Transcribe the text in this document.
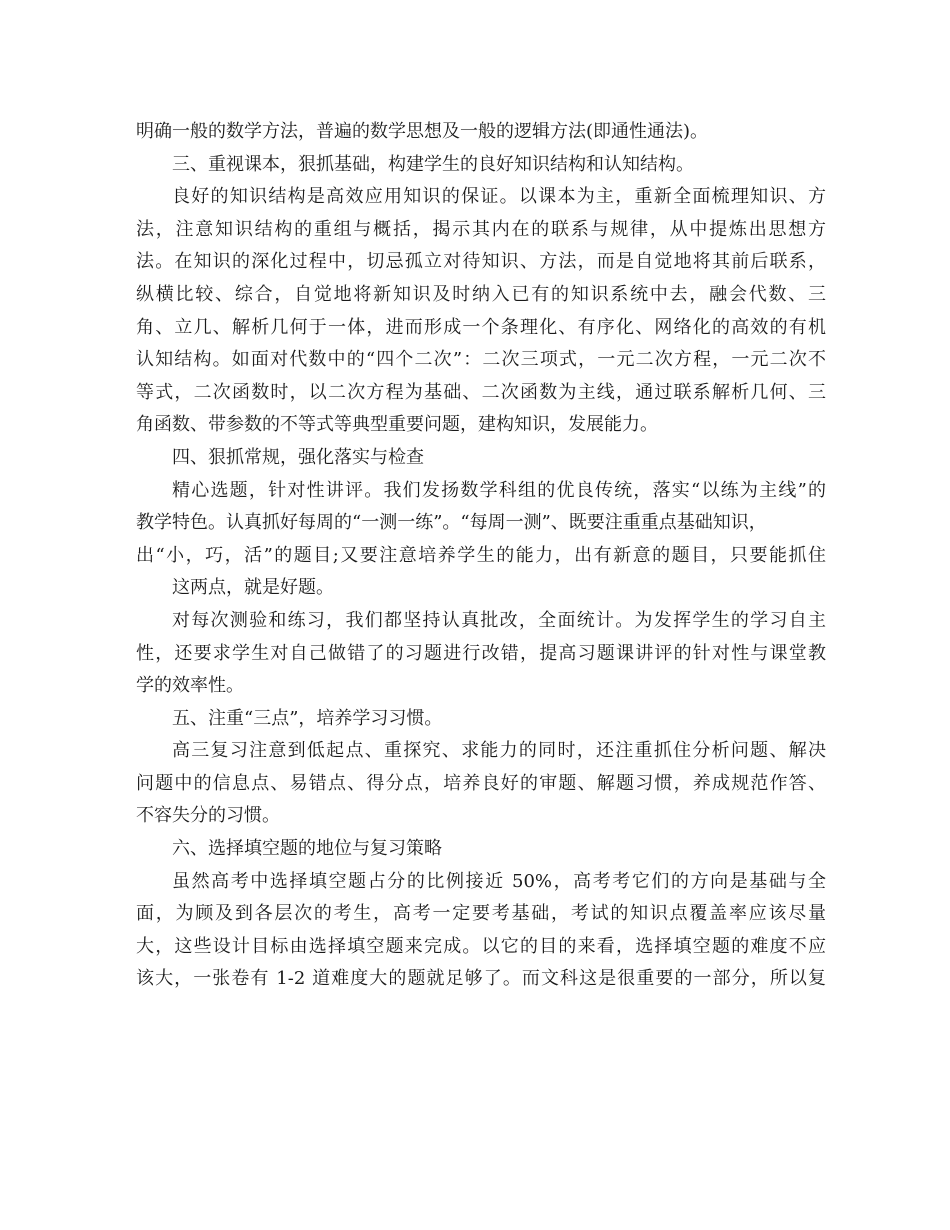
明确一般的数学方法，普遍的数学思想及一般的逻辑方法(即通性通法)。
三、重视课本，狠抓基础，构建学生的良好知识结构和认知结构。
良好的知识结构是高效应用知识的保证。以课本为主，重新全面梳理知识、方
法，注意知识结构的重组与概括，揭示其内在的联系与规律，从中提炼出思想方
法。在知识的深化过程中，切忌孤立对待知识、方法，而是自觉地将其前后联系，
纵横比较、综合，自觉地将新知识及时纳入已有的知识系统中去，融会代数、三
角、立几、解析几何于一体，进而形成一个条理化、有序化、网络化的高效的有机
认知结构。如面对代数中的“四个二次”：二次三项式，一元二次方程，一元二次不
等式，二次函数时，以二次方程为基础、二次函数为主线，通过联系解析几何、三
角函数、带参数的不等式等典型重要问题，建构知识，发展能力。
四、狠抓常规，强化落实与检查
精心选题，针对性讲评。我们发扬数学科组的优良传统，落实“以练为主线”的
教学特色。认真抓好每周的“一测一练”。“每周一测”、既要注重重点基础知识，
出“小，巧，活”的题目;又要注意培养学生的能力，出有新意的题目，只要能抓住
这两点，就是好题。
对每次测验和练习，我们都坚持认真批改，全面统计。为发挥学生的学习自主
性，还要求学生对自己做错了的习题进行改错，提高习题课讲评的针对性与课堂教
学的效率性。
五、注重“三点”，培养学习习惯。
高三复习注意到低起点、重探究、求能力的同时，还注重抓住分析问题、解决
问题中的信息点、易错点、得分点，培养良好的审题、解题习惯，养成规范作答、
不容失分的习惯。
六、选择填空题的地位与复习策略
虽然高考中选择填空题占分的比例接近 50%，高考考它们的方向是基础与全
面，为顾及到各层次的考生，高考一定要考基础，考试的知识点覆盖率应该尽量
大，这些设计目标由选择填空题来完成。以它的目的来看，选择填空题的难度不应
该大，一张卷有 1-2 道难度大的题就足够了。而文科这是很重要的一部分，所以复
